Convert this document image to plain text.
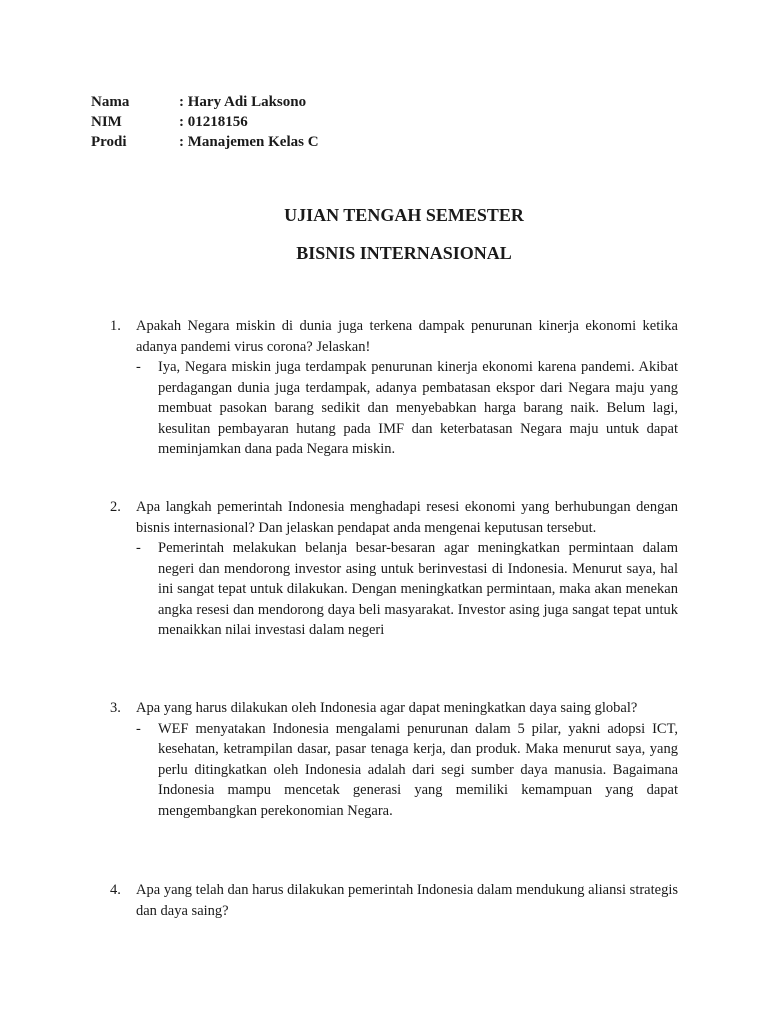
Nama	: Hary Adi Laksono
NIM	: 01218156
Prodi	: Manajemen Kelas C
UJIAN TENGAH SEMESTER
BISNIS INTERNASIONAL
1.	Apakah Negara miskin di dunia juga terkena dampak penurunan kinerja ekonomi ketika adanya pandemi virus corona? Jelaskan!
-	Iya, Negara miskin juga terdampak penurunan kinerja ekonomi karena pandemi. Akibat perdagangan dunia juga terdampak, adanya pembatasan ekspor dari Negara maju yang membuat pasokan barang sedikit dan menyebabkan harga barang naik. Belum lagi, kesulitan pembayaran hutang pada IMF dan keterbatasan Negara maju untuk dapat meminjamkan dana pada Negara miskin.
2.	Apa langkah pemerintah Indonesia menghadapi resesi ekonomi yang berhubungan dengan bisnis internasional? Dan jelaskan pendapat anda mengenai keputusan tersebut.
-	Pemerintah melakukan belanja besar-besaran agar meningkatkan permintaan dalam negeri dan mendorong investor asing untuk berinvestasi di Indonesia. Menurut saya, hal ini sangat tepat untuk dilakukan. Dengan meningkatkan permintaan, maka akan menekan angka resesi dan mendorong daya beli masyarakat. Investor asing juga sangat tepat untuk menaikkan nilai investasi dalam negeri
3.	Apa yang harus dilakukan oleh Indonesia agar dapat meningkatkan daya saing global?
-	WEF menyatakan Indonesia mengalami penurunan dalam 5 pilar, yakni adopsi ICT, kesehatan, ketrampilan dasar, pasar tenaga kerja, dan produk. Maka menurut saya, yang perlu ditingkatkan oleh Indonesia adalah dari segi sumber daya manusia. Bagaimana Indonesia mampu mencetak generasi yang memiliki kemampuan yang dapat mengembangkan perekonomian Negara.
4.	Apa yang telah dan harus dilakukan pemerintah Indonesia dalam mendukung aliansi strategis dan daya saing?
